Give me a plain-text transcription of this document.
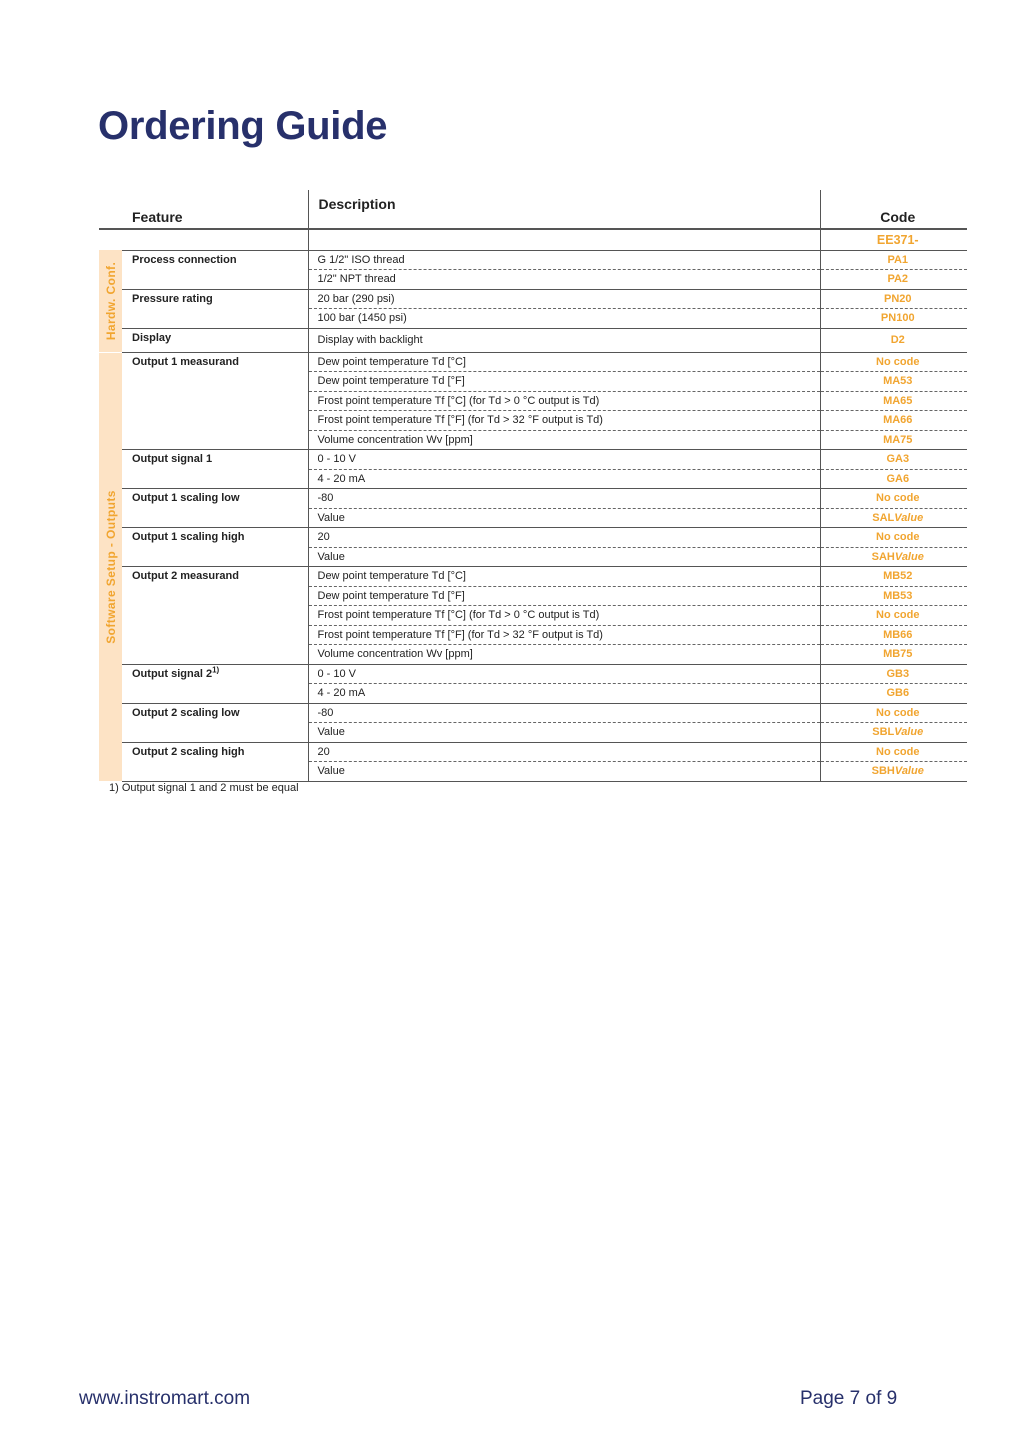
Ordering Guide
	Feature	Description	Code
			EE371-

Hardw. Conf.	Process connection	G 1/2" ISO thread	PA1
		1/2" NPT thread	PA2
	Pressure rating	20 bar (290 psi)	PN20
		100 bar (1450 psi)	PN100
	Display	Display with backlight	D2

Software Setup - Outputs	Output 1 measurand	Dew point temperature Td [°C]	No code
		Dew point temperature Td [°F]	MA53
		Frost point temperature Tf [°C] (for Td > 0 °C output is Td)	MA65
		Frost point temperature Tf [°F] (for Td > 32 °F output is Td)	MA66
		Volume concentration Wv [ppm]	MA75
	Output signal 1	0 - 10 V	GA3
		4 - 20 mA	GA6
	Output 1 scaling low	-80	No code
		Value	SALValue
	Output 1 scaling high	20	No code
		Value	SAHValue
	Output 2 measurand	Dew point temperature Td [°C]	MB52
		Dew point temperature Td [°F]	MB53
		Frost point temperature Tf [°C] (for Td > 0 °C output is Td)	No code
		Frost point temperature Tf [°F] (for Td > 32 °F output is Td)	MB66
		Volume concentration Wv [ppm]	MB75
	Output signal 2$^{1)}$	0 - 10 V	GB3
		4 - 20 mA	GB6
	Output 2 scaling low	-80	No code
		Value	SBLValue
	Output 2 scaling high	20	No code
		Value	SBHValue

1) Output signal 1 and 2 must be equal

www.instromart.com	Page 7 of 9
